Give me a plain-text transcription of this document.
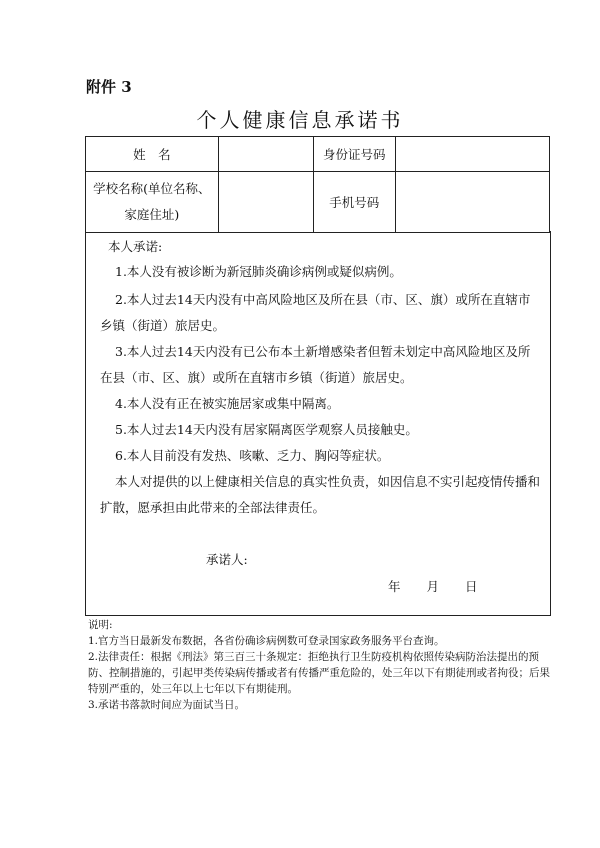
附件 3
个人健康信息承诺书
姓　名		身份证号码	

学校名称(单位名称、
家庭住址)		手机号码	

本人承诺:

1.本人没有被诊断为新冠肺炎确诊病例或疑似病例。

2.本人过去14天内没有中高风险地区及所在县（市、区、旗）或所在直辖市乡镇（街道）旅居史。

3.本人过去14天内没有已公布本土新增感染者但暂未划定中高风险地区及所在县（市、区、旗）或所在直辖市乡镇（街道）旅居史。

4.本人没有正在被实施居家或集中隔离。

5.本人过去14天内没有居家隔离医学观察人员接触史。

6.本人目前没有发热、咳嗽、乏力、胸闷等症状。

本人对提供的以上健康相关信息的真实性负责，如因信息不实引起疫情传播和扩散，愿承担由此带来的全部法律责任。

承诺人:
年 月 日
说明:
1.官方当日最新发布数据，各省份确诊病例数可登录国家政务服务平台查询。
2.法律责任：根据《刑法》第三百三十条规定：拒绝执行卫生防疫机构依照传染病防治法提出的预防、控制措施的，引起甲类传染病传播或者有传播严重危险的，处三年以下有期徒刑或者拘役；后果特别严重的，处三年以上七年以下有期徒刑。
3.承诺书落款时间应为面试当日。
